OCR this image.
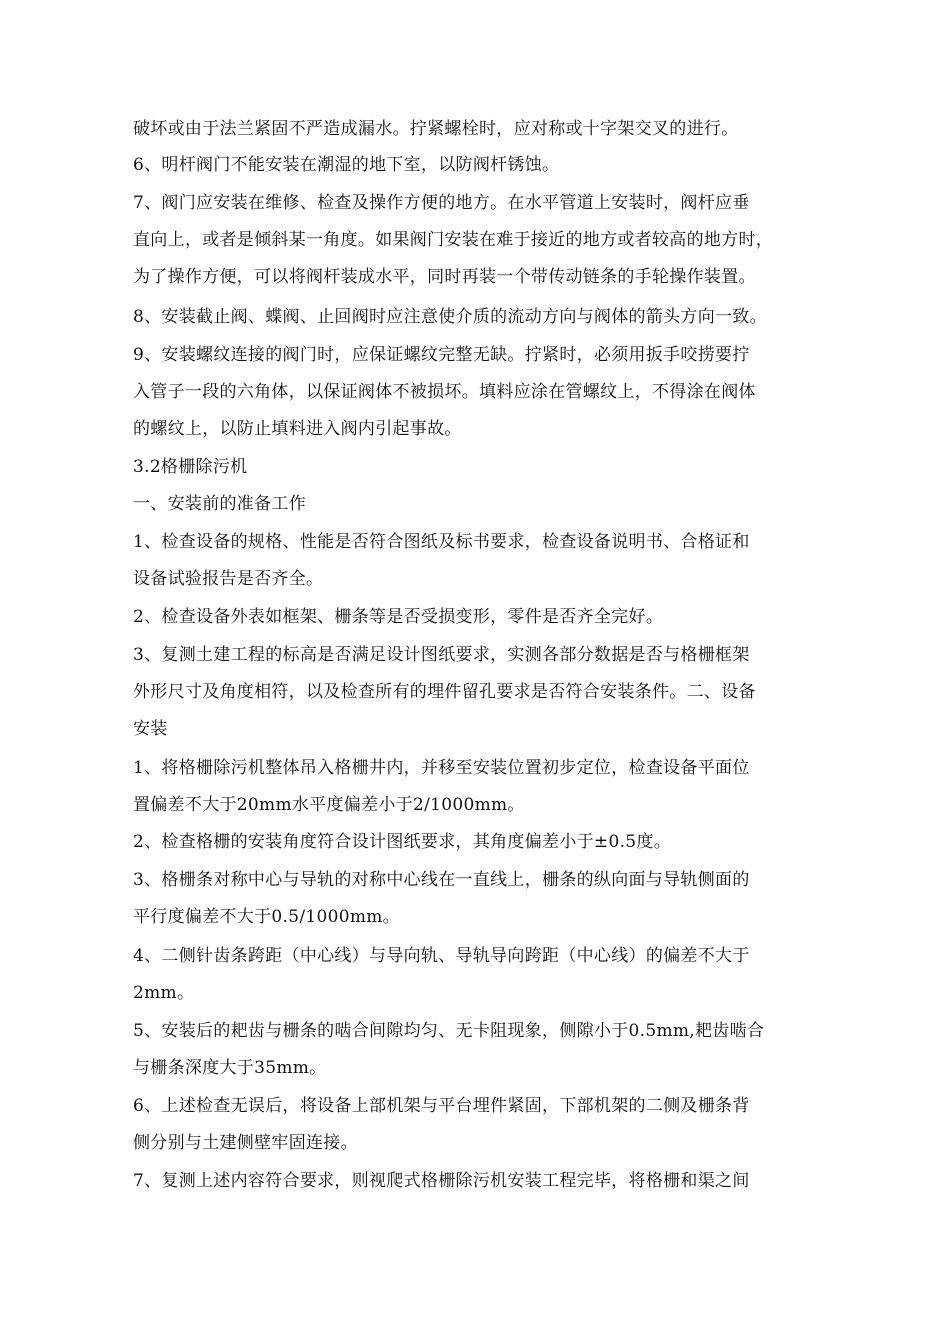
破坏或由于法兰紧固不严造成漏水。拧紧螺栓时，应对称或十字架交叉的进行。
6、明杆阀门不能安装在潮湿的地下室，以防阀杆锈蚀。
7、阀门应安装在维修、检查及操作方便的地方。在水平管道上安装时，阀杆应垂
直向上，或者是倾斜某一角度。如果阀门安装在难于接近的地方或者较高的地方时，
为了操作方便，可以将阀杆装成水平，同时再装一个带传动链条的手轮操作装置。
8、安装截止阀、蝶阀、止回阀时应注意使介质的流动方向与阀体的箭头方向一致。
9、安装螺纹连接的阀门时，应保证螺纹完整无缺。拧紧时，必须用扳手咬捞要拧
入管子一段的六角体，以保证阀体不被损坏。填料应涂在管螺纹上，不得涂在阀体
的螺纹上，以防止填料进入阀内引起事故。
3.2格栅除污机
一、安装前的准备工作
1、检查设备的规格、性能是否符合图纸及标书要求，检查设备说明书、合格证和
设备试验报告是否齐全。
2、检查设备外表如框架、栅条等是否受损变形，零件是否齐全完好。
3、复测土建工程的标高是否满足设计图纸要求，实测各部分数据是否与格栅框架
外形尺寸及角度相符，以及检查所有的埋件留孔要求是否符合安装条件。二、设备
安装
1、将格栅除污机整体吊入格栅井内，并移至安装位置初步定位，检查设备平面位
置偏差不大于20mm水平度偏差小于2/1000mm。
2、检查格栅的安装角度符合设计图纸要求，其角度偏差小于±0.5度。
3、格栅条对称中心与导轨的对称中心线在一直线上，栅条的纵向面与导轨侧面的
平行度偏差不大于0.5/1000mm。
4、二侧针齿条跨距（中心线）与导向轨、导轨导向跨距（中心线）的偏差不大于
2mm。
5、安装后的耙齿与栅条的啮合间隙均匀、无卡阻现象，侧隙小于0.5mm,耙齿啮合
与栅条深度大于35mm。
6、上述检查无误后，将设备上部机架与平台埋件紧固，下部机架的二侧及栅条背
侧分别与土建侧壁牢固连接。
7、复测上述内容符合要求，则视爬式格栅除污机安装工程完毕，将格栅和渠之间
